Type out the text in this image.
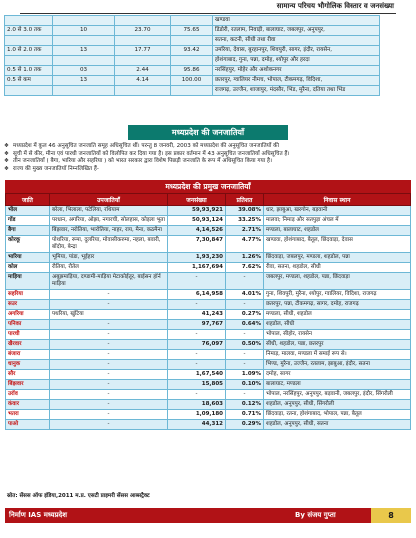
सामान्य परिचय भौगोलिक विस्तार व जनसंख्या
				खण्डवा
2.0 से 3.0 तक	10	23.70	75.65	डिंडोरी, रतलाम, निवाड़ी, बालाघाट, जबलपुर, अनूपपुर,
				सतना, कटनी, सीधी तथा रीवा
1.0 से 2.0 तक	13	17.77	93.42	उमरिया, देवास, बुरहानपुर, शिवपुरी, सागर, इंदौर, रायसेन,
				होशंगाबाद, गुना, पन्ना, दमोह, श्योपुर और हरदा
0.5 से 1.0 तक	03	2.44	95.86	नरसिंहपुर, मोहेर और अशोकनगर
0.5 से कम	13	4.14	100.00	छतरपुर, ग्वालियर नीमच, भोपाल, टीकमगढ़, विदिशा,
				राजगढ़, उज्जैन, शाजापुर, मंदसौर, भिंड, मुरैना, दतिया तथा भिंड
मध्यप्रदेश की जनजातियाँ

❖ मध्यप्रदेश में कुल 46 अनुसूचित जनजाति समूह अधिसूचित थीं। परन्तु 8 जनवरी, 2003 को मध्यप्रदेश की अनुसूचित जनजातियों की

❖ सूची में से कीर, मीना एवं पारधी जनजातियों को विलोपित कर दिया गया है। इस प्रकार वर्तमान में 43 अनुसूचित जनजातियाँ अधिसूचित हैं।

❖ तीन जनजातियाँ ( बैगा, भारिया और सहरिया ) को भारत सरकार द्वारा विशेष पिछड़ी जनजाति के रूप में अधिसूचित किया गया है।

❖ राज्य की मुख्य जनजातियाँ निम्नलिखित हैं-

मध्यप्रदेश की प्रमुख जनजातियाँ
जाति	उपजातियाँ	जनसंख्या	प्रतिशत	निवास स्थान
भील	बरेला, भिलाला, पटेलिया, रथियाम	59,93,921	39.08%	धार, झाबुआ, खरगोन, बड़वानी
गोंड	परधान, अगरिया, ओझा, नगारची, सोलहास, कोइला भूता	50,93,124	33.25%	मालवा; निमाड़ और सतपुड़ा अंचल में
बैगा	बिंझवार, नरोतिया, भारोतिया, नाहर, राय, मैना, कठमैना	4,14,526	2.71%	मण्डला, बालाघाट, शहडोल
कोरकू	पोथरिया, रूमा, दुलरिया, मोवासीकरुमा, नहला, बवारी, बोंदोय, बेन्द्रा	7,30,847	4.77%	खण्डवा, होशंगाबाद, बैतूल, छिंदवाड़ा, देवास
भारिया	भूमिया, पांडा, भूईहार	1,93,230	1.26%	छिंदवाड़ा, जबलपुर, मण्डला, शहडोल, पन्ना
कोल	रौतिया, रौतेल	1,167,694	7.62%	रीवा, सतना, शहडोल, सीधी
माड़िया	अबूझमाड़िया, दण्डामी-माड़िया मेटाकोईतूर, बाईसन हॉर्न माड़िया	-	-	जबलपुर, मण्डला, शहडोल, पन्ना, छिंदवाड़ा
सहरिया	-	6,14,958	4.01%	गुना, शिवपुरी, मुरैना, श्योपुर, ग्वालियर, विदिशा, राजगढ़
सउर	-	-	-	छतरपुर, पन्ना, टीकमगढ़, सागर, दमोह, राजगढ़
अगरिया	पथरिया, खुंटिया	41,243	0.27%	मण्डला, सीधी, शहडोल
पनिका	-	97,767	0.64%	शहडोल, सीधी
पारधी	-	-	-	भोपाल, सीहोर, रायसेन
खैरवार	-	76,097	0.50%	सीधी, शहडोल, पन्ना, छतरपुर
बंजारा	-	-	-	निमाड़, मालवा, मण्डला में समाई रूप से।
धानुक	-	-	-	भिण्ड, मुरैना, उज्जैन, रतलाम, झाबुआ, इंदौर, सतना
सौर	-	1,67,540	1.09%	दमोह, सागर
बिंझवार	-	15,805	0.10%	बालाघाट, मण्डला
उरॉव	-	-	-	भोपाल, नरसिंहपुर, अनूपपुर, बड़वानी, जबलपुर, इंदौर, सिंगरौली
कंवार	-	18,603	0.12%	शहडोल, अनूपपुर, सीधी, सिंगरौली
भतरा	-	1,09,180	0.71%	छिंदवाड़ा, रतना, होशंगाबाद, भोपाल, पन्ना, बैतूल
पाओ	-	44,312	0.29%	शहडोल, अनूपपुर, सीधी, सतना
स्रोत: सेंसस ऑफ इंडिया,2011 म.प्र. एसटी प्राइमरी सेंसस आब्सट्रैक्ट
निर्माण IAS मध्यप्रदेश	By संजय गुप्ता	8
